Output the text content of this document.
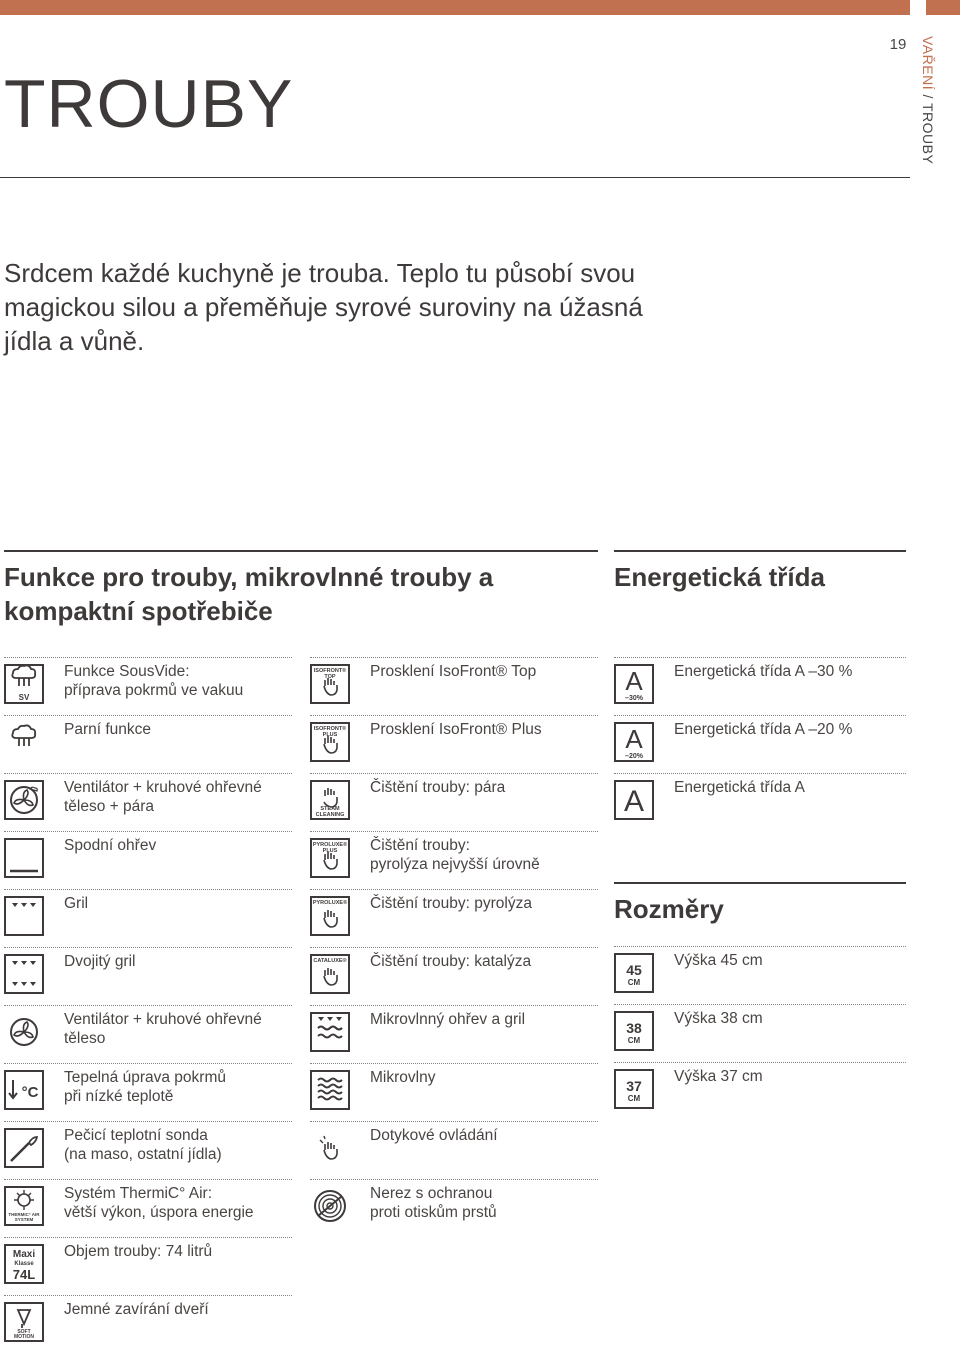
19 VAŘENÍ / TROUBY
TROUBY

Srdcem každé kuchyně je trouba. Teplo tu působí svou magickou silou a přeměňuje syrové suroviny na úžasná jídla a vůně.

Funkce pro trouby, mikrovlnné trouby a kompaktní spotřebiče
Energetická třída
Rozměry
SV
Funkce SousVide:
příprava pokrmů ve vakuu
Parní funkce
Ventilátor + kruhové ohřevné
těleso + pára
Spodní ohřev
Gril
Dvojitý gril
Ventilátor + kruhové ohřevné
těleso
°C
Tepelná úprava pokrmů
při nízké teplotě
Pečicí teplotní sonda
(na maso, ostatní jídla)
THERMIC° AIR
SYSTEM
Systém ThermiC° Air:
větší výkon, úspora energie
Maxi
Klasse
74L
Objem trouby: 74 litrů
SOFT
MOTION
Jemné zavírání dveří
ISOFRONT®
TOP Prosklení IsoFront® Top
ISOFRONT®
PLUS Prosklení IsoFront® Plus
STEAM
CLEANING
Čištění trouby: pára
PYROLUXE®
PLUS Čištění trouby:
pyrolýza nejvyšší úrovně
PYROLUXE® Čištění trouby: pyrolýza
CATALUXE® Čištění trouby: katalýza
Mikrovlnný ohřev a gril
Mikrovlny
Dotykové ovládání
Nerez s ochranou
proti otiskům prstů
A
–30%
Energetická třída A –30 %
A
–20%
Energetická třída A –20 %
A Energetická třída A
45
CM
Výška 45 cm
38
CM
Výška 38 cm
37
CM
Výška 37 cm
